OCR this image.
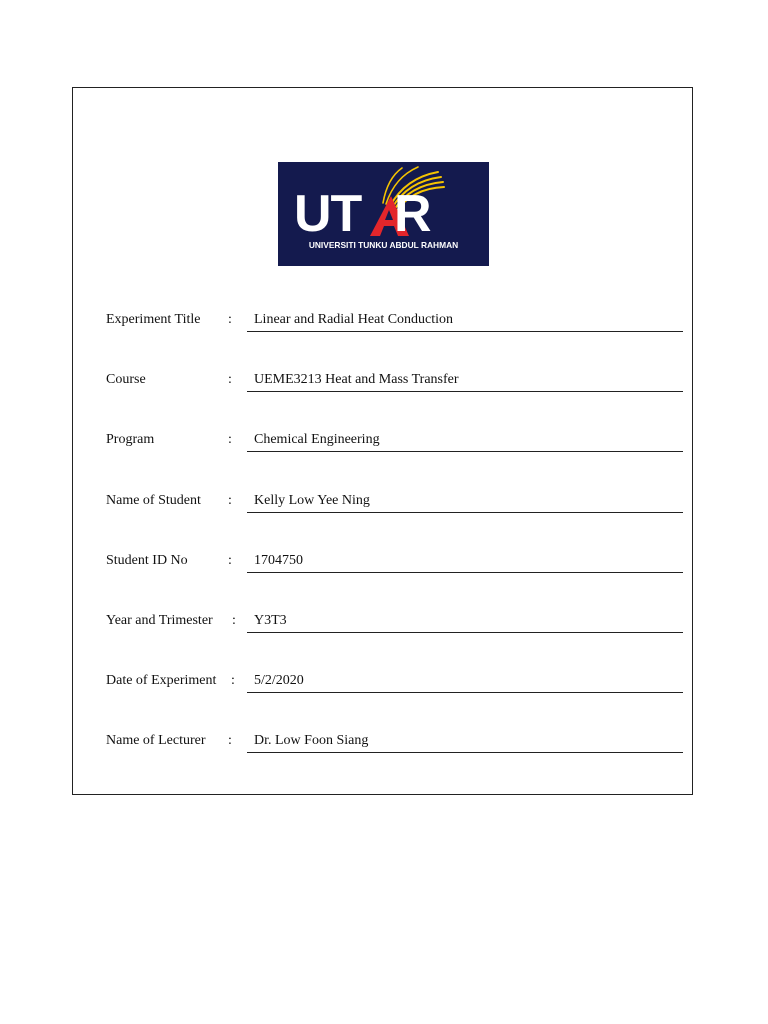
UT R
UNIVERSITI TUNKU ABDUL RAHMAN
Experiment Title : Linear and Radial Heat Conduction
Course	: UEME3213 Heat and Mass Transfer
Program	: Chemical Engineering
Name of Student : Kelly Low Yee Ning
Student ID No	: 1704750
Year and Trimester : Y3T3
Date of Experiment : 5/2/2020
Name of Lecturer : Dr. Low Foon Siang
